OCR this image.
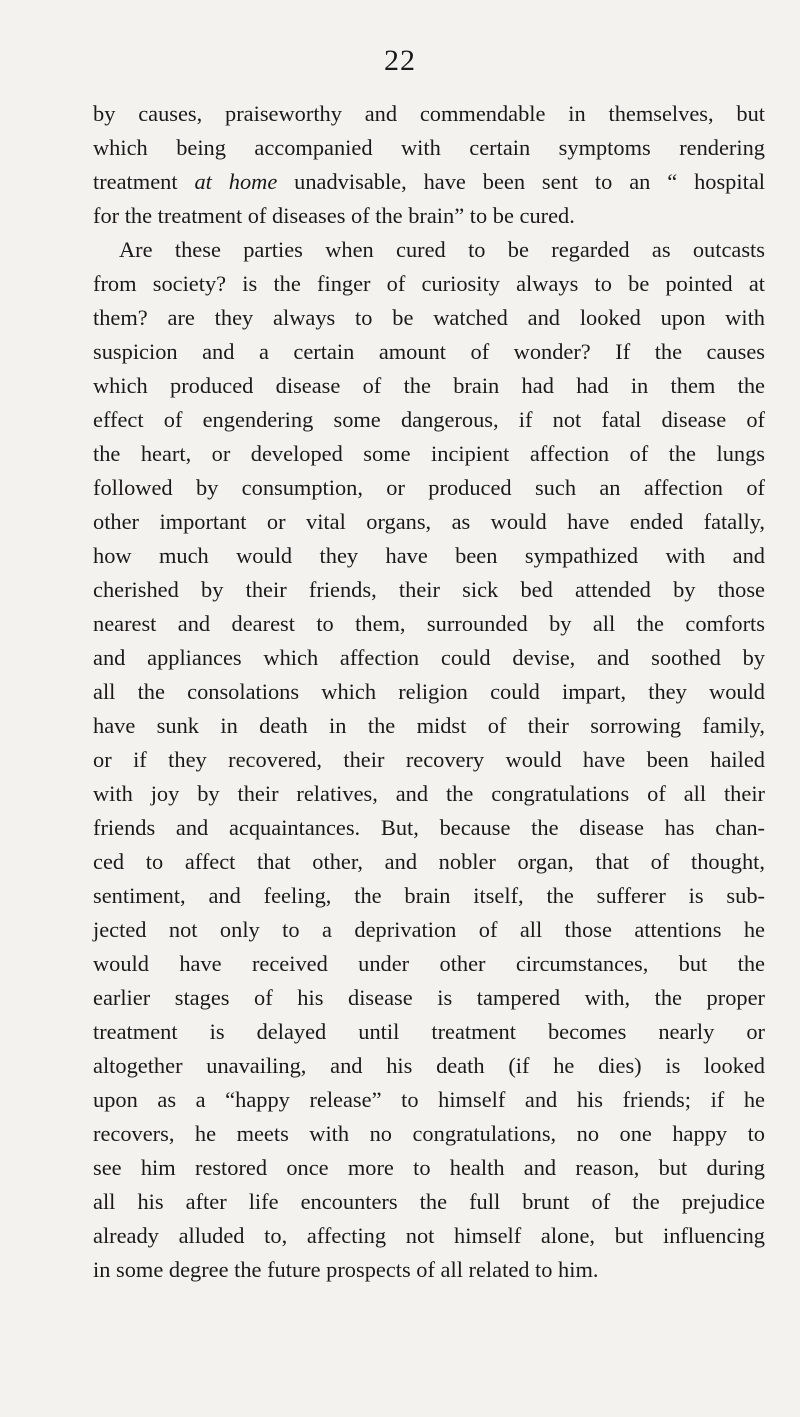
22
by causes, praiseworthy and commendable in themselves, but
which being accompanied with certain symptoms rendering
treatment at home unadvisable, have been sent to an “ hospital
for the treatment of diseases of the brain” to be cured.
Are these parties when cured to be regarded as outcasts
from society? is the finger of curiosity always to be pointed at
them? are they always to be watched and looked upon with
suspicion and a certain amount of wonder? If the causes
which produced disease of the brain had had in them the
effect of engendering some dangerous, if not fatal disease of
the heart, or developed some incipient affection of the lungs
followed by consumption, or produced such an affection of
other important or vital organs, as would have ended fatally,
how much would they have been sympathized with and
cherished by their friends, their sick bed attended by those
nearest and dearest to them, surrounded by all the comforts
and appliances which affection could devise, and soothed by
all the consolations which religion could impart, they would
have sunk in death in the midst of their sorrowing family,
or if they recovered, their recovery would have been hailed
with joy by their relatives, and the congratulations of all their
friends and acquaintances. But, because the disease has chan-
ced to affect that other, and nobler organ, that of thought,
sentiment, and feeling, the brain itself, the sufferer is sub-
jected not only to a deprivation of all those attentions he
would have received under other circumstances, but the
earlier stages of his disease is tampered with, the proper
treatment is delayed until treatment becomes nearly or
altogether unavailing, and his death (if he dies) is looked
upon as a “happy release” to himself and his friends; if he
recovers, he meets with no congratulations, no one happy to
see him restored once more to health and reason, but during
all his after life encounters the full brunt of the prejudice
already alluded to, affecting not himself alone, but influencing
in some degree the future prospects of all related to him.
